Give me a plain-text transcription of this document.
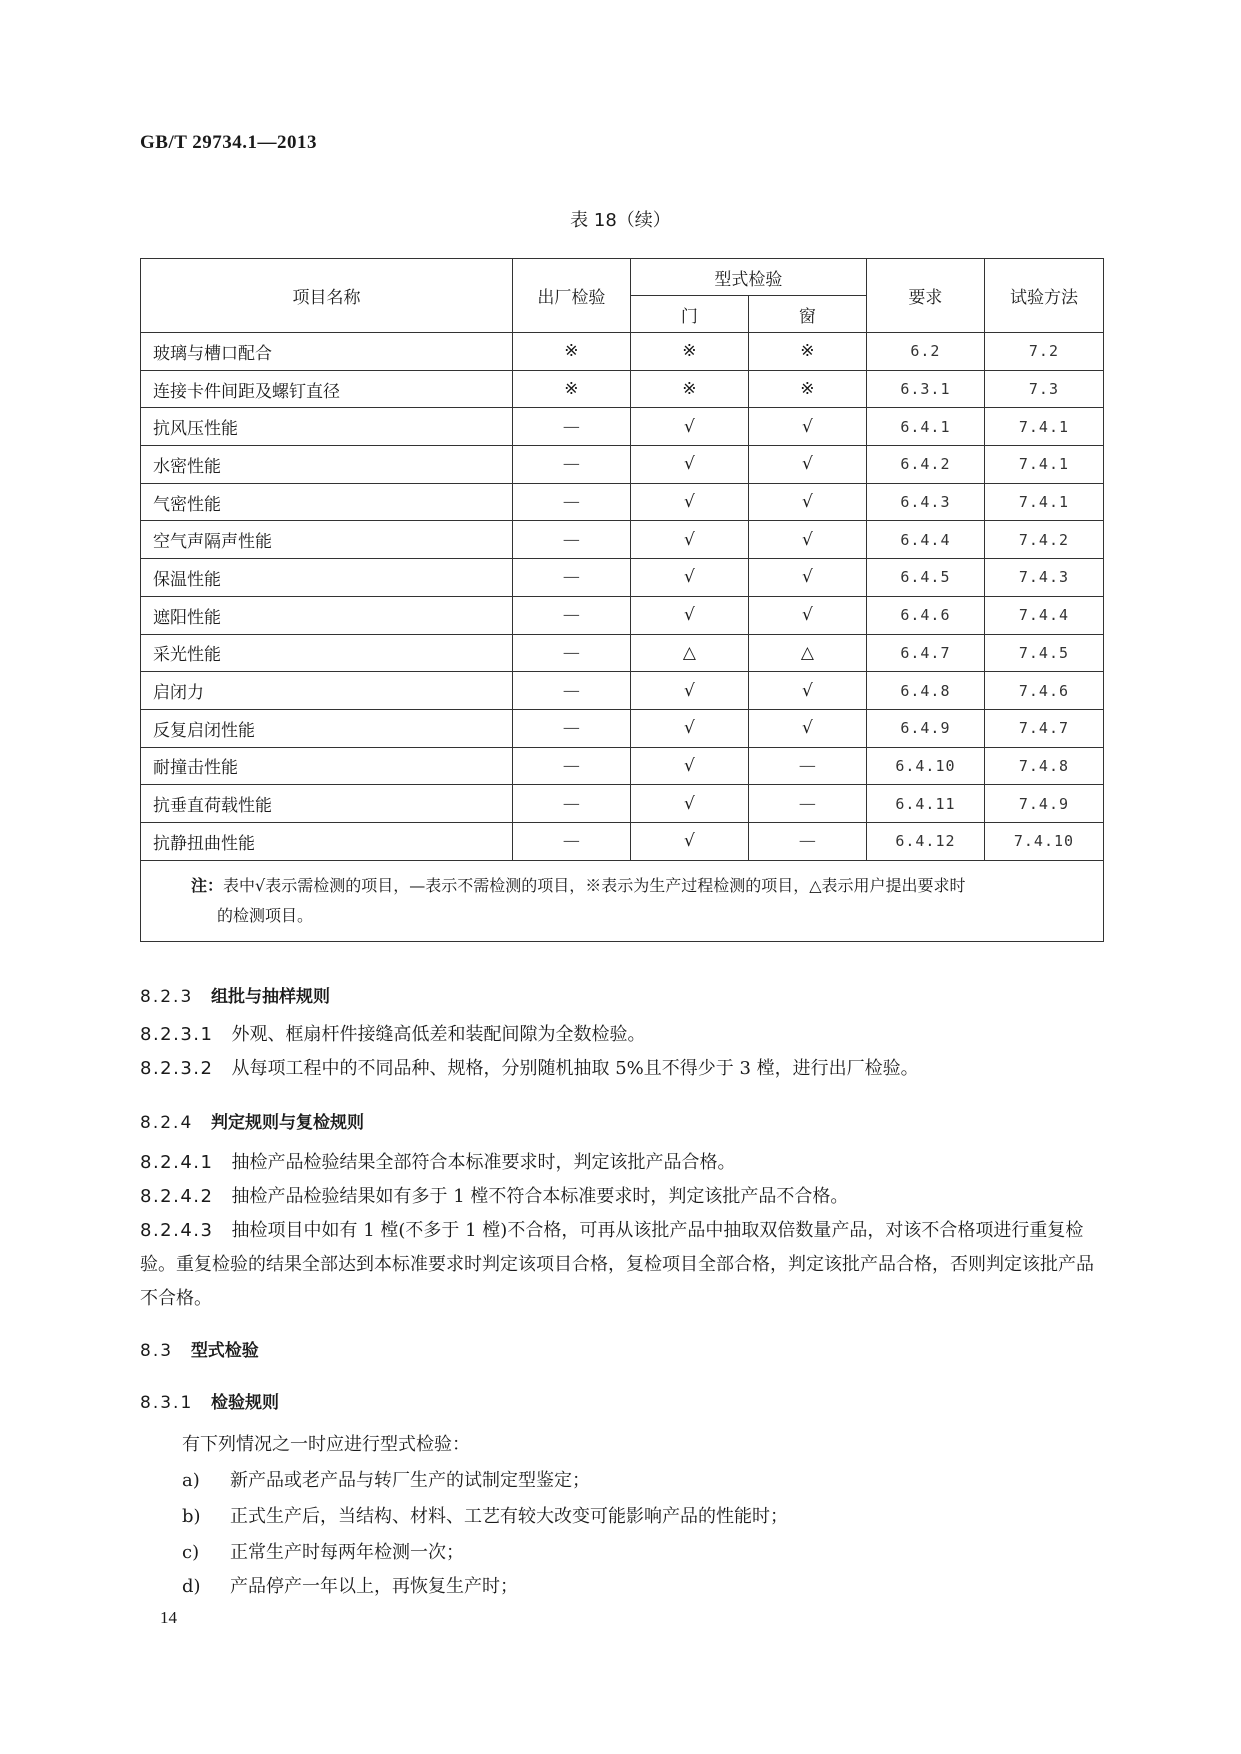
GB/T 29734.1—2013
表 18（续）
项目名称	出厂检验	型式检验		要求	试验方法
		门	窗		
玻璃与槽口配合	※	※	※	6.2	7.2
连接卡件间距及螺钉直径	※	※	※	6.3.1	7.3
抗风压性能	—	√	√	6.4.1	7.4.1
水密性能	—	√	√	6.4.2	7.4.1
气密性能	—	√	√	6.4.3	7.4.1
空气声隔声性能	—	√	√	6.4.4	7.4.2
保温性能	—	√	√	6.4.5	7.4.3
遮阳性能	—	√	√	6.4.6	7.4.4
采光性能	—	△	△	6.4.7	7.4.5
启闭力	—	√	√	6.4.8	7.4.6
反复启闭性能	—	√	√	6.4.9	7.4.7
耐撞击性能	—	√	—	6.4.10	7.4.8
抗垂直荷载性能	—	√	—	6.4.11	7.4.9
抗静扭曲性能	—	√	—	6.4.12	7.4.10
注：表中√表示需检测的项目，—表示不需检测的项目，※表示为生产过程检测的项目，△表示用户提出要求时
的检测项目。					
8.2.3 组批与抽样规则
8.2.3.1 外观、框扇杆件接缝高低差和装配间隙为全数检验。
8.2.3.2 从每项工程中的不同品种、规格，分别随机抽取 5%且不得少于 3 樘，进行出厂检验。
8.2.4 判定规则与复检规则
8.2.4.1 抽检产品检验结果全部符合本标准要求时，判定该批产品合格。
8.2.4.2 抽检产品检验结果如有多于 1 樘不符合本标准要求时，判定该批产品不合格。
8.2.4.3 抽检项目中如有 1 樘(不多于 1 樘)不合格，可再从该批产品中抽取双倍数量产品，对该不合格项进行重复检验。重复检验的结果全部达到本标准要求时判定该项目合格，复检项目全部合格，判定该批产品合格，否则判定该批产品不合格。
8.3 型式检验
8.3.1 检验规则
有下列情况之一时应进行型式检验：
a) 新产品或老产品与转厂生产的试制定型鉴定；
b) 正式生产后，当结构、材料、工艺有较大改变可能影响产品的性能时；
c) 正常生产时每两年检测一次；
d) 产品停产一年以上，再恢复生产时；
14
